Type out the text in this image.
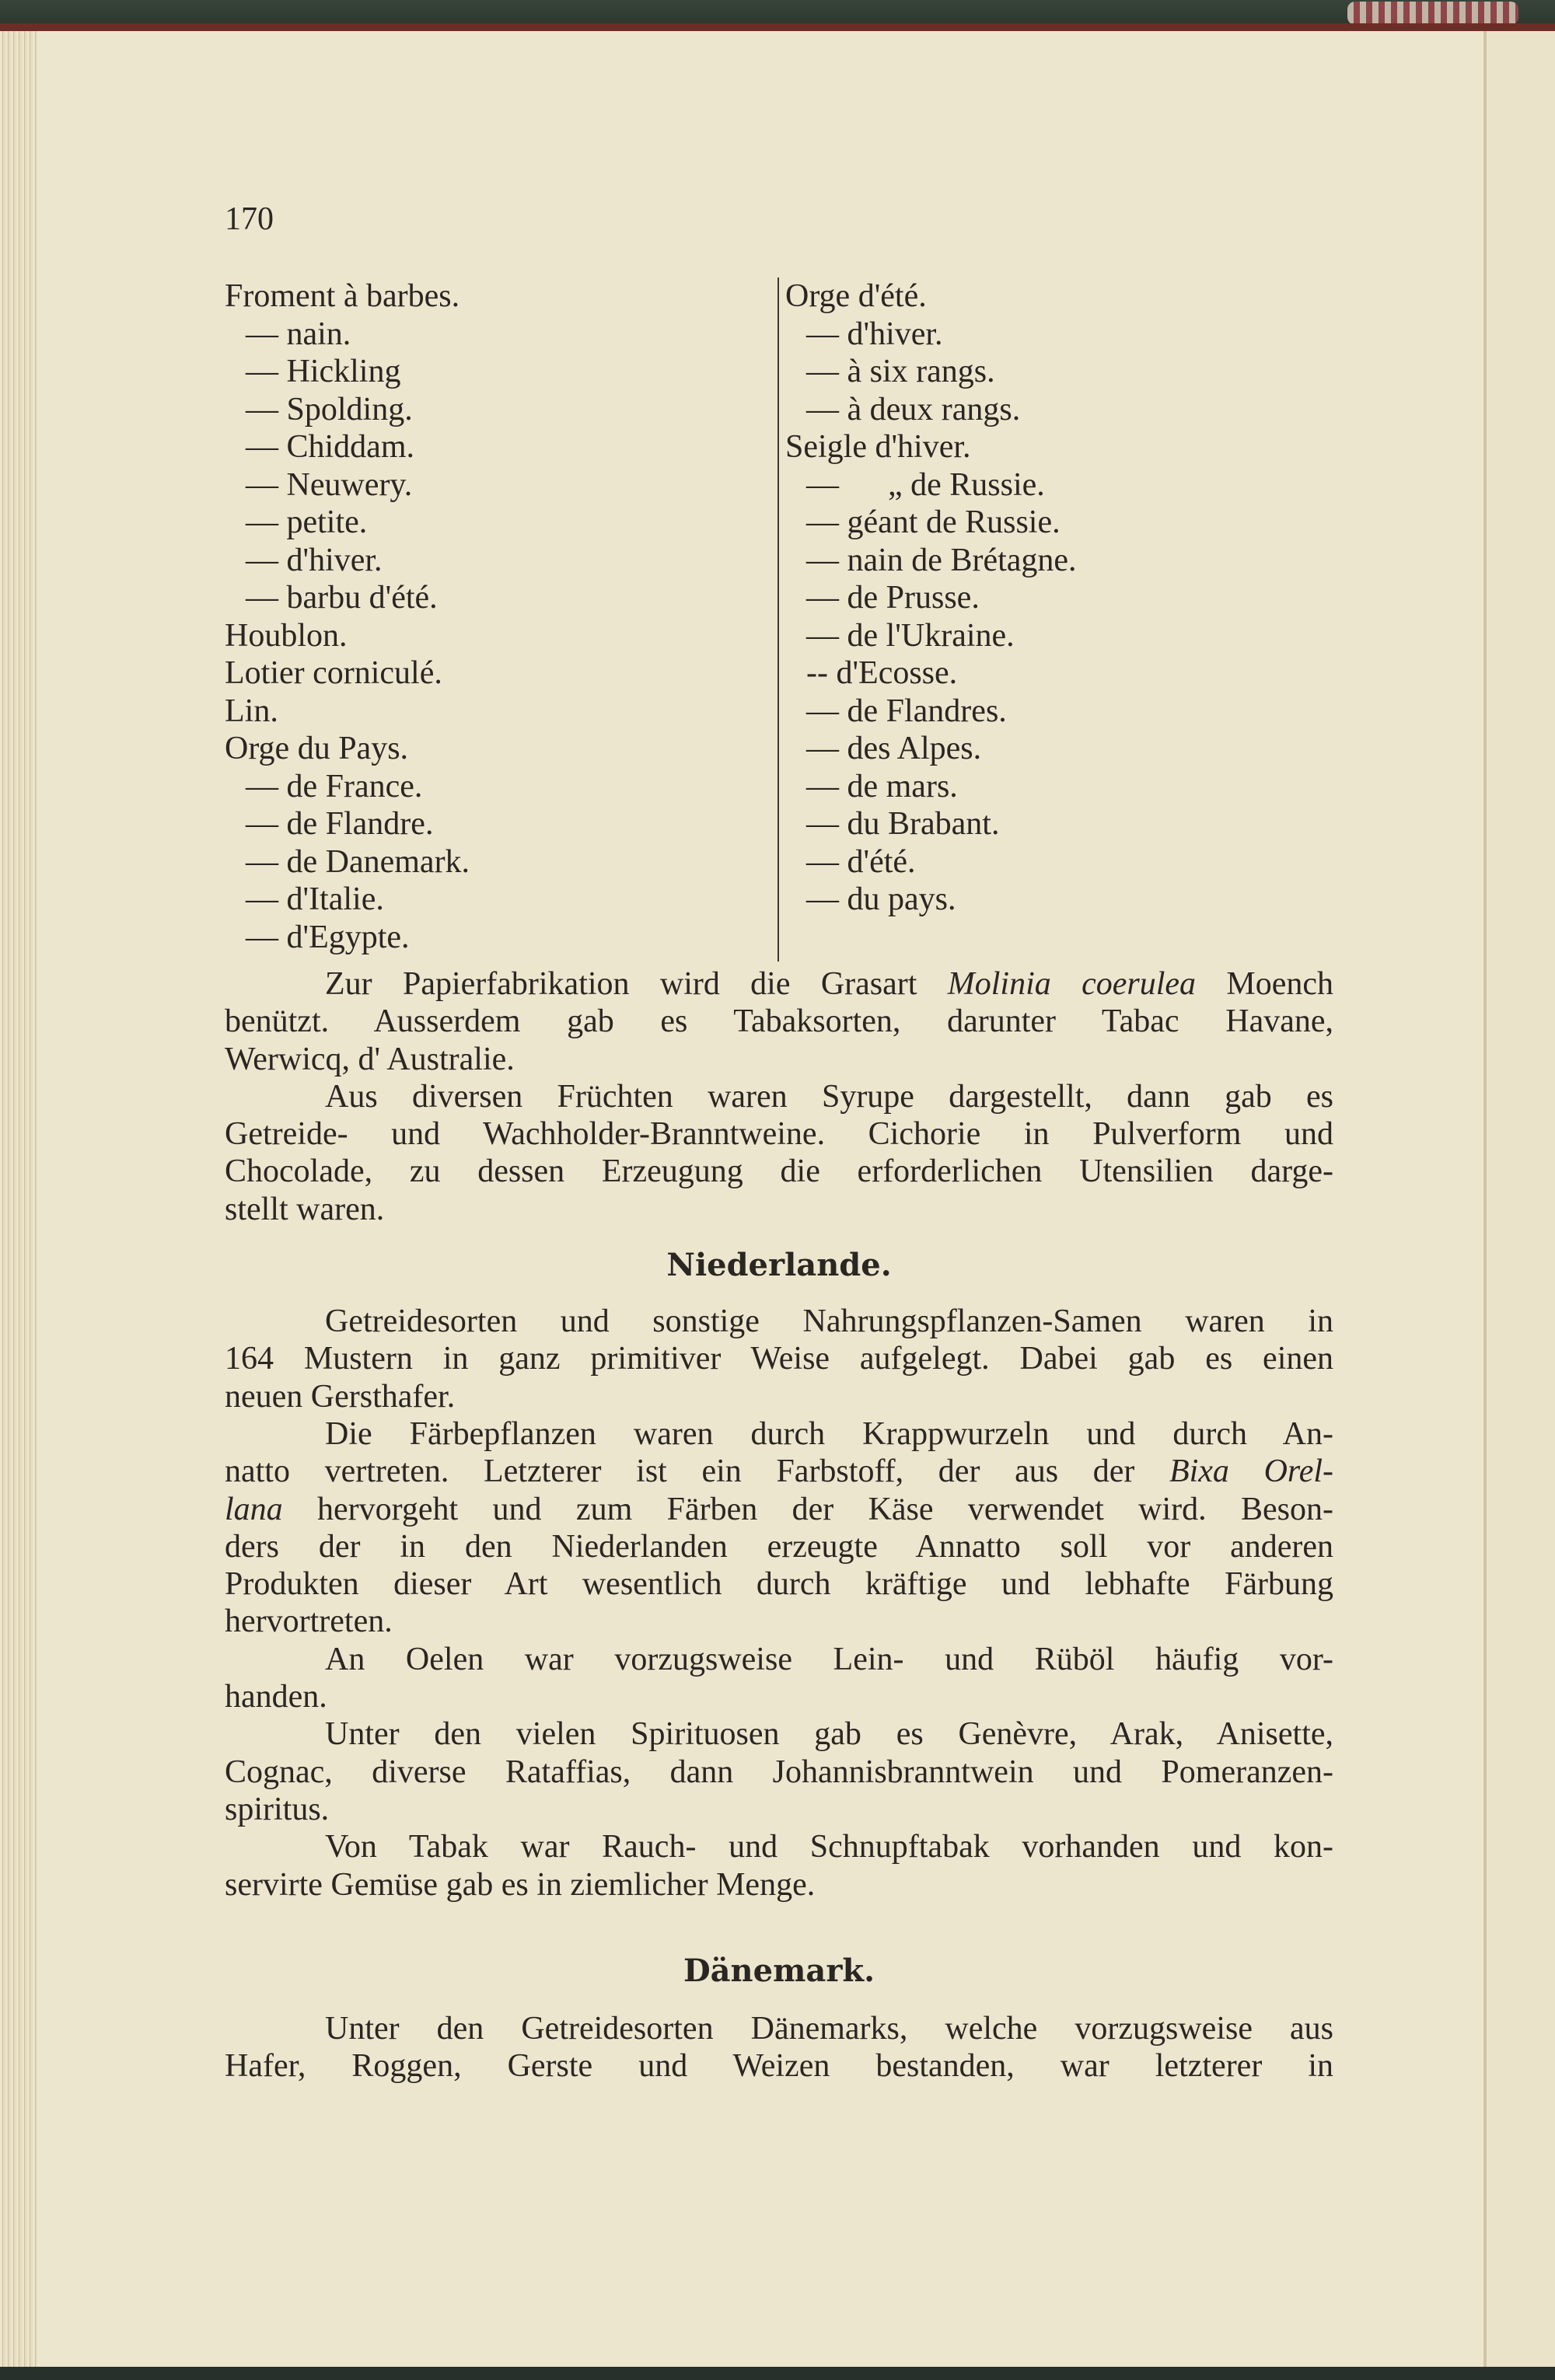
170
Froment à barbes.
— nain.
— Hickling
— Spolding.
— Chiddam.
— Neuwery.
— petite.
— d'hiver.
— barbu d'été.
Houblon.
Lotier corniculé.
Lin.
Orge du Pays.
— de France.
— de Flandre.
— de Danemark.
— d'Italie.
— d'Egypte.
Orge d'été.
— d'hiver.
— à six rangs.
— à deux rangs.
Seigle d'hiver.
—      „ de Russie.
— géant de Russie.
— nain de Brétagne.
— de Prusse.
— de l'Ukraine.
-- d'Ecosse.
— de Flandres.
— des Alpes.
— de mars.
— du Brabant.
— d'été.
— du pays.
Zur Papierfabrikation wird die Grasart Molinia coerulea Moench
benützt. Ausserdem gab es Tabaksorten, darunter Tabac Havane,
Werwicq, d' Australie.
Aus diversen Früchten waren Syrupe dargestellt, dann gab es
Getreide- und Wachholder-Branntweine. Cichorie in Pulverform und
Chocolade, zu dessen Erzeugung die erforderlichen Utensilien darge-
stellt waren.
Niederlande.
Getreidesorten und sonstige Nahrungspflanzen-Samen waren in
164 Mustern in ganz primitiver Weise aufgelegt. Dabei gab es einen
neuen Gersthafer.
Die Färbepflanzen waren durch Krappwurzeln und durch An-
natto vertreten. Letzterer ist ein Farbstoff, der aus der Bixa Orel-
lana hervorgeht und zum Färben der Käse verwendet wird. Beson-
ders der in den Niederlanden erzeugte Annatto soll vor anderen
Produkten dieser Art wesentlich durch kräftige und lebhafte Färbung
hervortreten.
An Oelen war vorzugsweise Lein- und Rüböl häufig vor-
handen.
Unter den vielen Spirituosen gab es Genèvre, Arak, Anisette,
Cognac, diverse Rataffias, dann Johannisbranntwein und Pomeranzen-
spiritus.
Von Tabak war Rauch- und Schnupftabak vorhanden und kon-
servirte Gemüse gab es in ziemlicher Menge.
Dänemark.
Unter den Getreidesorten Dänemarks, welche vorzugsweise aus
Hafer, Roggen, Gerste und Weizen bestanden, war letzterer in
